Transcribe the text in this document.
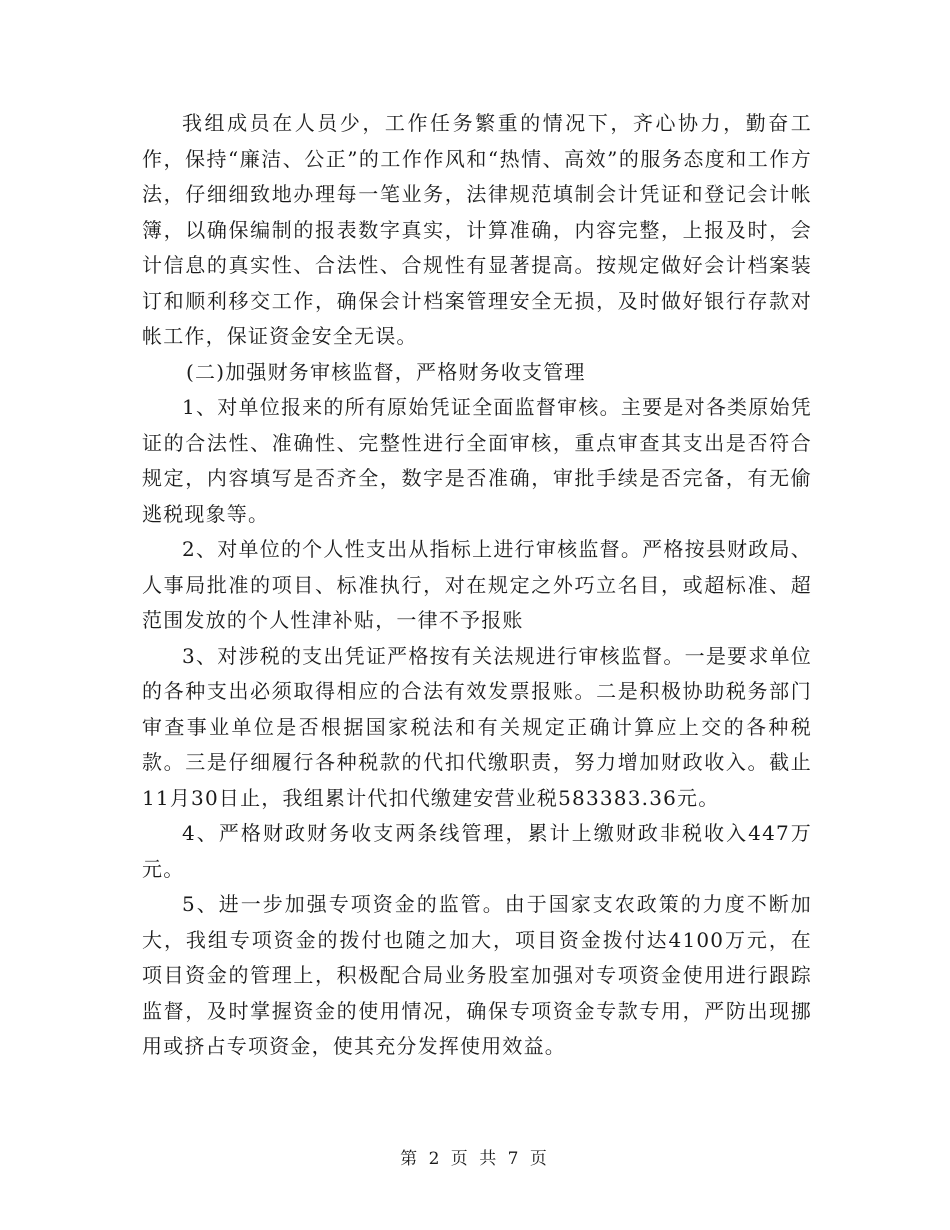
我组成员在人员少，工作任务繁重的情况下，齐心协力，勤奋工作，保持“廉洁、公正”的工作作风和“热情、高效”的服务态度和工作方法，仔细细致地办理每一笔业务，法律规范填制会计凭证和登记会计帐簿，以确保编制的报表数字真实，计算准确，内容完整，上报及时，会计信息的真实性、合法性、合规性有显著提高。按规定做好会计档案装订和顺利移交工作，确保会计档案管理安全无损，及时做好银行存款对帐工作，保证资金安全无误。

(二)加强财务审核监督，严格财务收支管理

1、对单位报来的所有原始凭证全面监督审核。主要是对各类原始凭证的合法性、准确性、完整性进行全面审核，重点审查其支出是否符合规定，内容填写是否齐全，数字是否准确，审批手续是否完备，有无偷逃税现象等。

2、对单位的个人性支出从指标上进行审核监督。严格按县财政局、人事局批准的项目、标准执行，对在规定之外巧立名目，或超标准、超范围发放的个人性津补贴，一律不予报账

3、对涉税的支出凭证严格按有关法规进行审核监督。一是要求单位的各种支出必须取得相应的合法有效发票报账。二是积极协助税务部门审查事业单位是否根据国家税法和有关规定正确计算应上交的各种税款。三是仔细履行各种税款的代扣代缴职责，努力增加财政收入。截止11月30日止，我组累计代扣代缴建安营业税583383.36元。

4、严格财政财务收支两条线管理，累计上缴财政非税收入447万元。

5、进一步加强专项资金的监管。由于国家支农政策的力度不断加大，我组专项资金的拨付也随之加大，项目资金拨付达4100万元，在项目资金的管理上，积极配合局业务股室加强对专项资金使用进行跟踪监督，及时掌握资金的使用情况，确保专项资金专款专用，严防出现挪用或挤占专项资金，使其充分发挥使用效益。

第 2 页 共 7 页
